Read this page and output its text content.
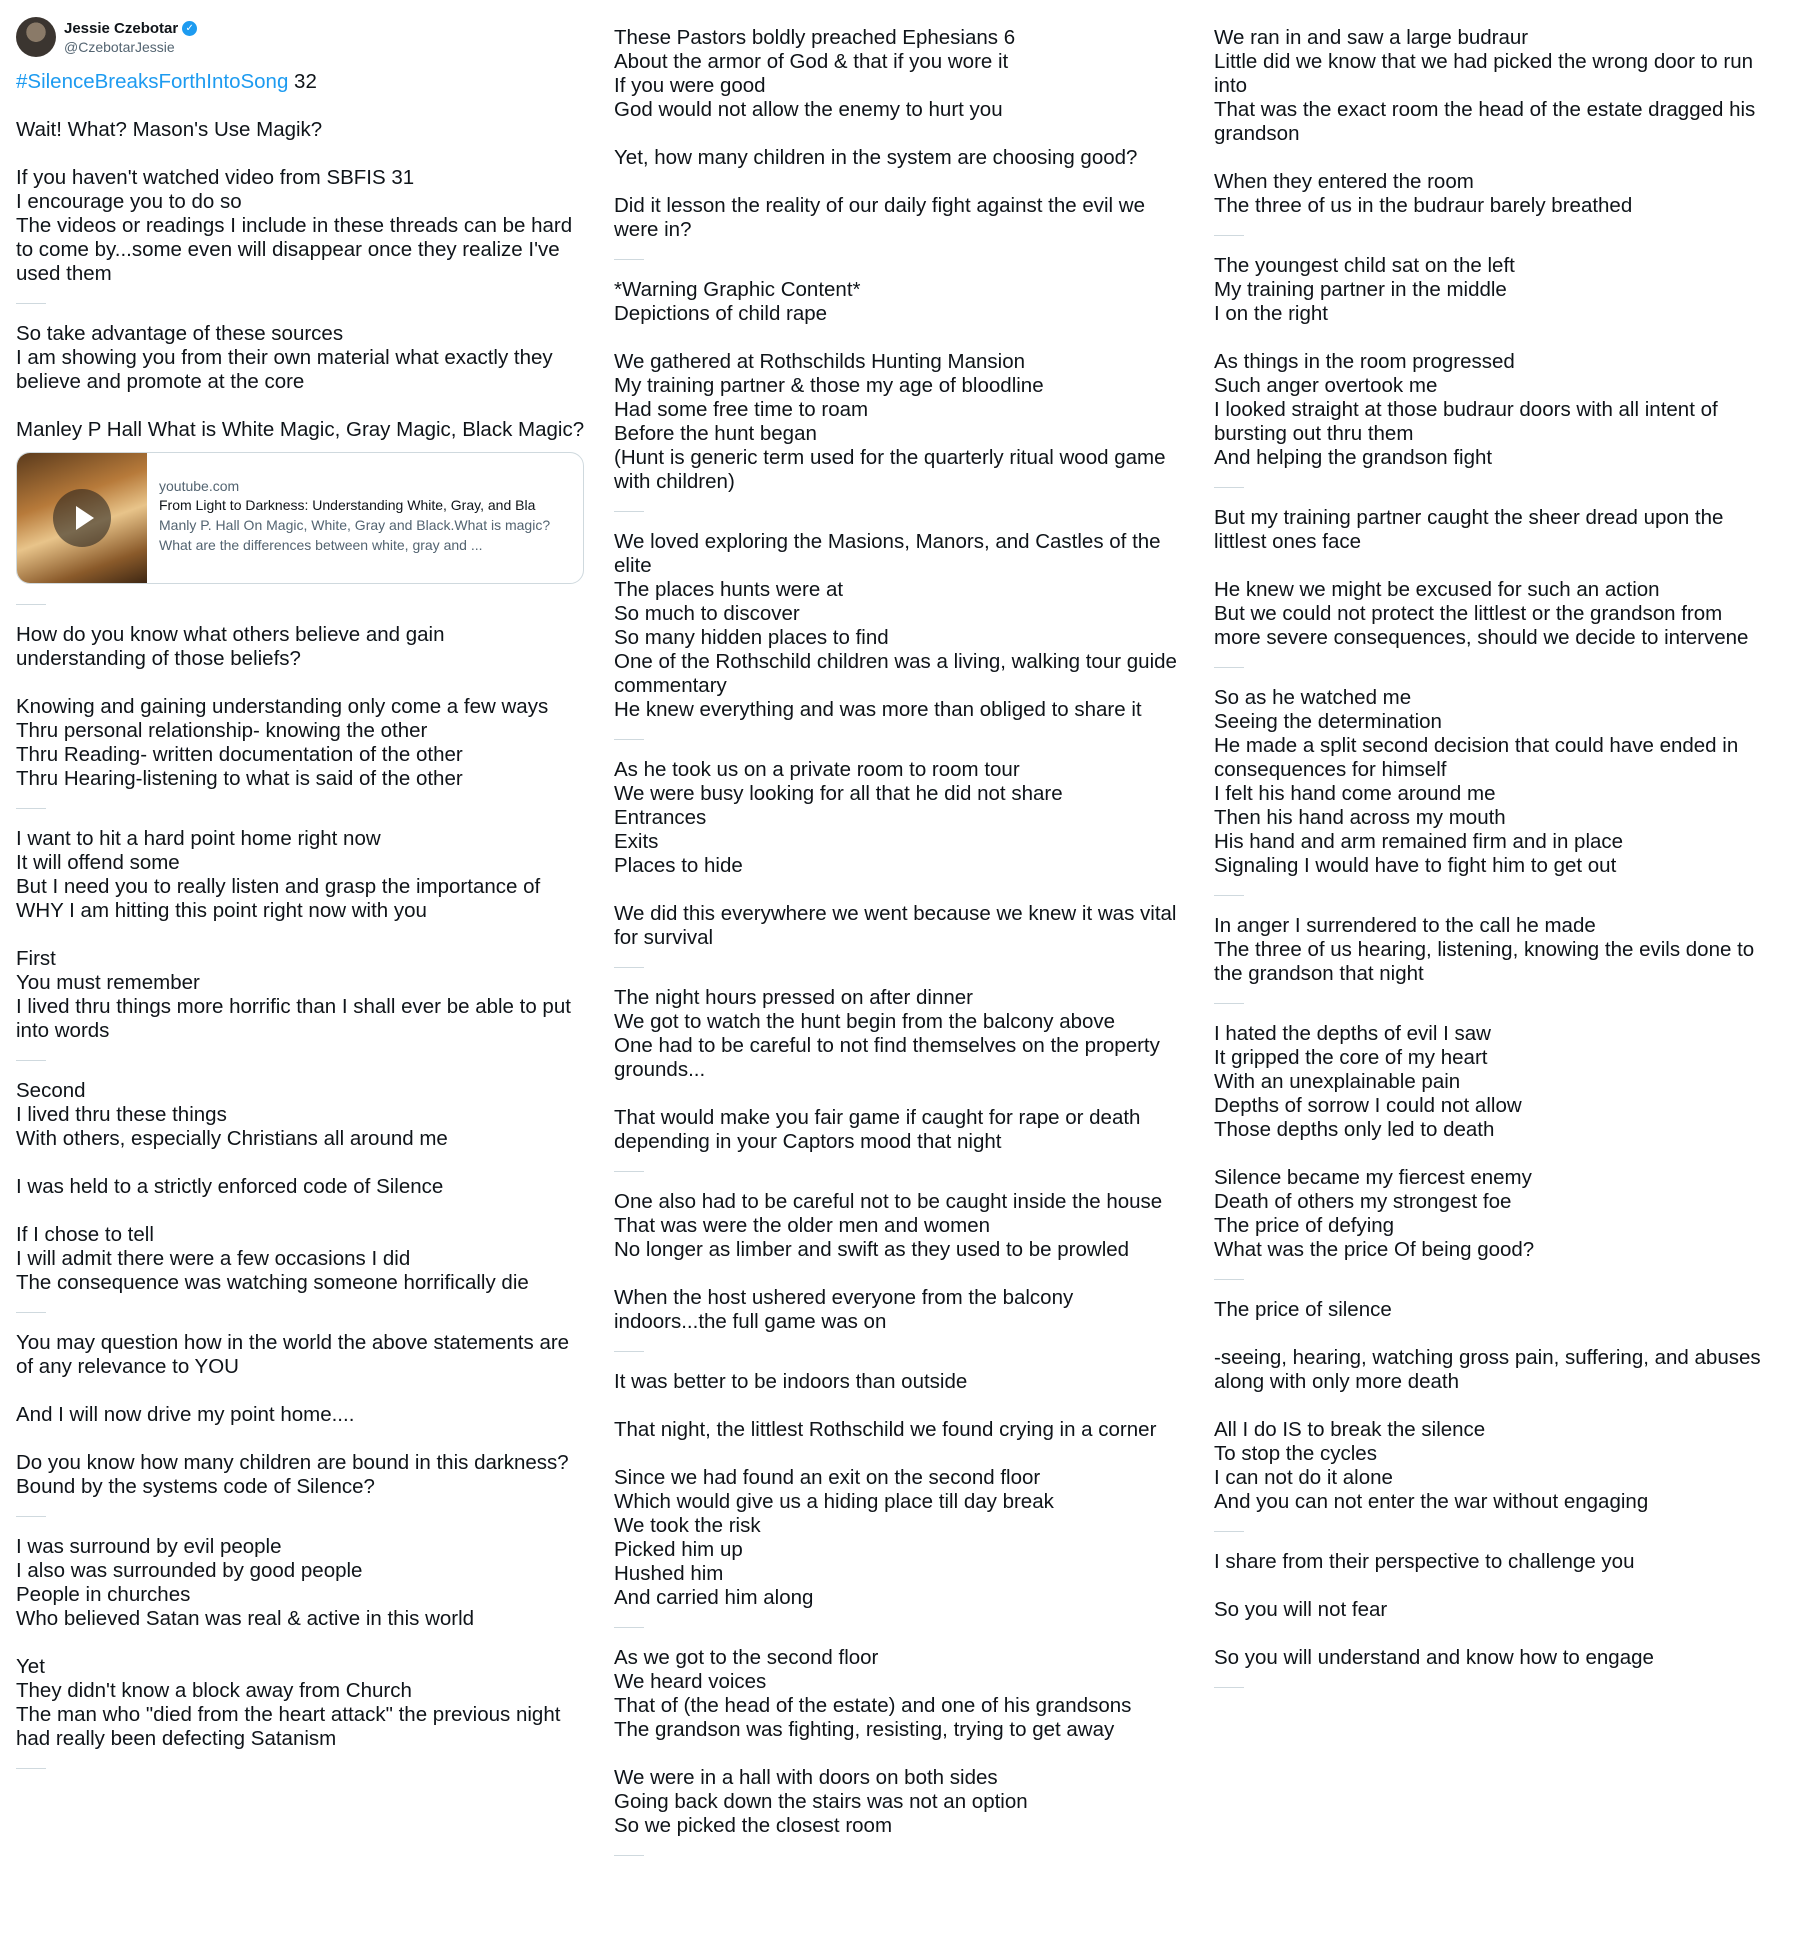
Jessie Czebotar ✓
@CzebotarJessie
#SilenceBreaksForthIntoSong 32
Wait! What? Mason's Use Magik?
If you haven't watched video from SBFIS 31
I encourage you to do so
The videos or readings I include in these threads can be hard
to come by...some even will disappear once they realize I've
used them
So take advantage of these sources
I am showing you from their own material what exactly they
believe and promote at the core
Manley P Hall What is White Magic, Gray Magic, Black Magic?
youtube.com
From Light to Darkness: Understanding White, Gray, and Bla
Manly P. Hall On Magic, White, Gray and Black.What is magic?What are the differences between white, gray and ...
How do you know what others believe and gain
understanding of those beliefs?
Knowing and gaining understanding only come a few ways
Thru personal relationship- knowing the other
Thru Reading- written documentation of the other
Thru Hearing-listening to what is said of the other
I want to hit a hard point home right now
It will offend some
But I need you to really listen and grasp the importance of
WHY I am hitting this point right now with you
First
You must remember
I lived thru things more horrific than I shall ever be able to put
into words
Second
I lived thru these things
With others, especially Christians all around me
I was held to a strictly enforced code of Silence
If I chose to tell
I will admit there were a few occasions I did
The consequence was watching someone horrifically die
You may question how in the world the above statements are
of any relevance to YOU
And I will now drive my point home....
Do you know how many children are bound in this darkness?
Bound by the systems code of Silence?
I was surround by evil people
I also was surrounded by good people
People in churches
Who believed Satan was real & active in this world
Yet
They didn't know a block away from Church
The man who "died from the heart attack" the previous night
had really been defecting Satanism
These Pastors boldly preached Ephesians 6
About the armor of God & that if you wore it
If you were good
God would not allow the enemy to hurt you
Yet, how many children in the system are choosing good?
Did it lesson the reality of our daily fight against the evil we
were in?
*Warning Graphic Content*
Depictions of child rape
We gathered at Rothschilds Hunting Mansion
My training partner & those my age of bloodline
Had some free time to roam
Before the hunt began
(Hunt is generic term used for the quarterly ritual wood game
with children)
We loved exploring the Masions, Manors, and Castles of the
elite
The places hunts were at
So much to discover
So many hidden places to find
One of the Rothschild children was a living, walking tour guide
commentary
He knew everything and was more than obliged to share it
As he took us on a private room to room tour
We were busy looking for all that he did not share
Entrances
Exits
Places to hide
We did this everywhere we went because we knew it was vital
for survival
The night hours pressed on after dinner
We got to watch the hunt begin from the balcony above
One had to be careful to not find themselves on the property
grounds...
That would make you fair game if caught for rape or death
depending in your Captors mood that night
One also had to be careful not to be caught inside the house
That was were the older men and women
No longer as limber and swift as they used to be prowled
When the host ushered everyone from the balcony
indoors...the full game was on
It was better to be indoors than outside
That night, the littlest Rothschild we found crying in a corner
Since we had found an exit on the second floor
Which would give us a hiding place till day break
We took the risk
Picked him up
Hushed him
And carried him along
As we got to the second floor
We heard voices
That of (the head of the estate) and one of his grandsons
The grandson was fighting, resisting, trying to get away
We were in a hall with doors on both sides
Going back down the stairs was not an option
So we picked the closest room
We ran in and saw a large budraur
Little did we know that we had picked the wrong door to run
into
That was the exact room the head of the estate dragged his
grandson
When they entered the room
The three of us in the budraur barely breathed
The youngest child sat on the left
My training partner in the middle
I on the right
As things in the room progressed
Such anger overtook me
I looked straight at those budraur doors with all intent of
bursting out thru them
And helping the grandson fight
But my training partner caught the sheer dread upon the
littlest ones face
He knew we might be excused for such an action
But we could not protect the littlest or the grandson from
more severe consequences, should we decide to intervene
So as he watched me
Seeing the determination
He made a split second decision that could have ended in
consequences for himself
I felt his hand come around me
Then his hand across my mouth
His hand and arm remained firm and in place
Signaling I would have to fight him to get out
In anger I surrendered to the call he made
The three of us hearing, listening, knowing the evils done to
the grandson that night
I hated the depths of evil I saw
It gripped the core of my heart
With an unexplainable pain
Depths of sorrow I could not allow
Those depths only led to death
Silence became my fiercest enemy
Death of others my strongest foe
The price of defying
What was the price Of being good?
The price of silence
-seeing, hearing, watching gross pain, suffering, and abuses
along with only more death
All I do IS to break the silence
To stop the cycles
I can not do it alone
And you can not enter the war without engaging
I share from their perspective to challenge you
So you will not fear
So you will understand and know how to engage
